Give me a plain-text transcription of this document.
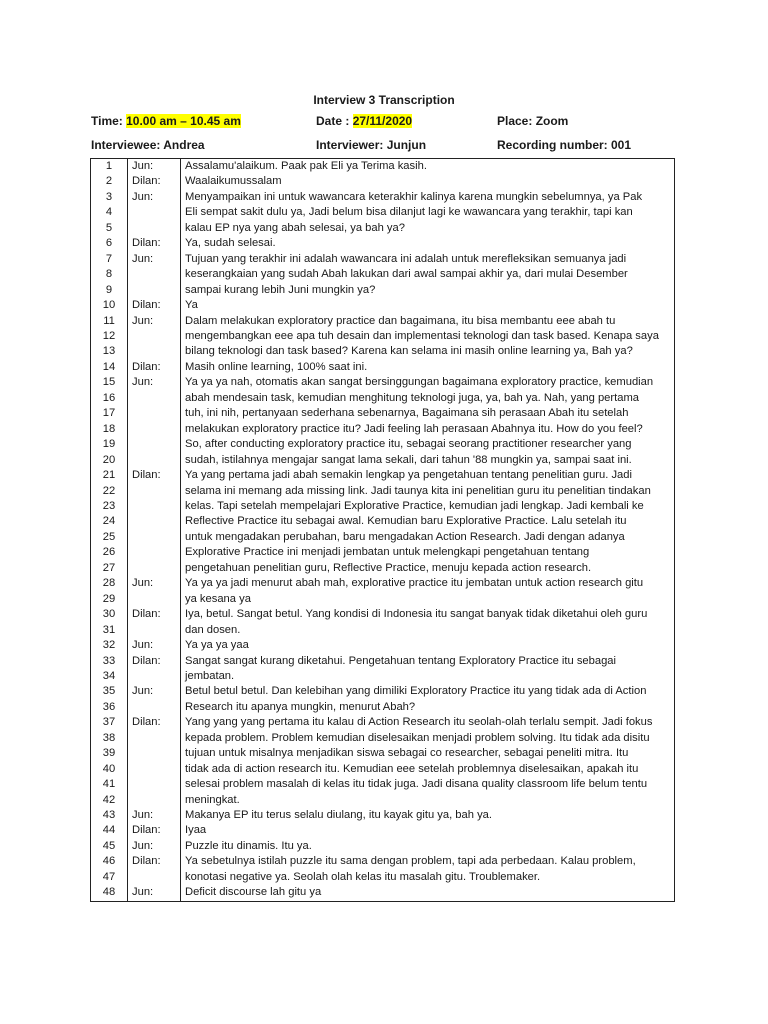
Interview 3 Transcription
Time: 10.00 am – 10.45 am	Date : 27/11/2020	Place: Zoom
Interviewee: Andrea	Interviewer: Junjun	Recording number: 001
1	Jun:	Assalamu'alaikum. Paak pak Eli ya Terima kasih.
2	Dilan:	Waalaikumussalam
3	Jun:	Menyampaikan ini untuk wawancara keterakhir kalinya karena mungkin sebelumnya, ya Pak
4		Eli sempat sakit dulu ya, Jadi belum bisa dilanjut lagi ke wawancara yang terakhir, tapi kan
5		kalau EP nya yang abah selesai, ya bah ya?
6	Dilan:	Ya, sudah selesai.
7	Jun:	Tujuan yang terakhir ini adalah wawancara ini adalah untuk merefleksikan semuanya jadi
8		keserangkaian yang sudah Abah lakukan dari awal sampai akhir ya, dari mulai Desember
9		sampai kurang lebih Juni mungkin ya?
10	Dilan:	Ya
11	Jun:	Dalam melakukan exploratory practice dan bagaimana, itu bisa membantu eee abah tu
12		mengembangkan eee apa tuh desain dan implementasi teknologi dan task based. Kenapa saya
13		bilang teknologi dan task based? Karena kan selama ini masih online learning ya, Bah ya?
14	Dilan:	Masih online learning, 100% saat ini.
15	Jun:	Ya ya ya nah, otomatis akan sangat bersinggungan bagaimana exploratory practice, kemudian
16		abah mendesain task, kemudian menghitung teknologi juga, ya, bah ya. Nah, yang pertama
17		tuh, ini nih, pertanyaan sederhana sebenarnya, Bagaimana sih perasaan Abah itu setelah
18		melakukan exploratory practice itu? Jadi feeling lah perasaan Abahnya itu. How do you feel?
19		So, after conducting exploratory practice itu, sebagai seorang practitioner researcher yang
20		sudah, istilahnya mengajar sangat lama sekali, dari tahun '88 mungkin ya, sampai saat ini.
21	Dilan:	Ya yang pertama jadi abah semakin lengkap ya pengetahuan tentang penelitian guru. Jadi
22		selama ini memang ada missing link. Jadi taunya kita ini penelitian guru itu penelitian tindakan
23		kelas. Tapi setelah mempelajari Explorative Practice, kemudian jadi lengkap. Jadi kembali ke
24		Reflective Practice itu sebagai awal. Kemudian baru Explorative Practice. Lalu setelah itu
25		untuk mengadakan perubahan, baru mengadakan Action Research. Jadi dengan adanya
26		Explorative Practice ini menjadi jembatan untuk melengkapi pengetahuan tentang
27		pengetahuan penelitian guru, Reflective Practice, menuju kepada action research.
28	Jun:	Ya ya ya jadi menurut abah mah, explorative practice itu jembatan untuk action research gitu
29		ya kesana ya
30	Dilan:	Iya, betul. Sangat betul. Yang kondisi di Indonesia itu sangat banyak tidak diketahui oleh guru
31		dan dosen.
32	Jun:	Ya ya ya yaa
33	Dilan:	Sangat sangat kurang diketahui. Pengetahuan tentang Exploratory Practice itu sebagai
34		jembatan.
35	Jun:	Betul betul betul. Dan kelebihan yang dimiliki Exploratory Practice itu yang tidak ada di Action
36		Research itu apanya mungkin, menurut Abah?
37	Dilan:	Yang yang yang pertama itu kalau di Action Research itu seolah-olah terlalu sempit. Jadi fokus
38		kepada problem. Problem kemudian diselesaikan menjadi problem solving. Itu tidak ada disitu
39		tujuan untuk misalnya menjadikan siswa sebagai co researcher, sebagai peneliti mitra. Itu
40		tidak ada di action research itu. Kemudian eee setelah problemnya diselesaikan, apakah itu
41		selesai problem masalah di kelas itu tidak juga. Jadi disana quality classroom life belum tentu
42		meningkat.
43	Jun:	Makanya EP itu terus selalu diulang, itu kayak gitu ya, bah ya.
44	Dilan:	Iyaa
45	Jun:	Puzzle itu dinamis. Itu ya.
46	Dilan:	Ya sebetulnya istilah puzzle itu sama dengan problem, tapi ada perbedaan. Kalau problem,
47		konotasi negative ya. Seolah olah kelas itu masalah gitu. Troublemaker.
48	Jun:	Deficit discourse lah gitu ya
